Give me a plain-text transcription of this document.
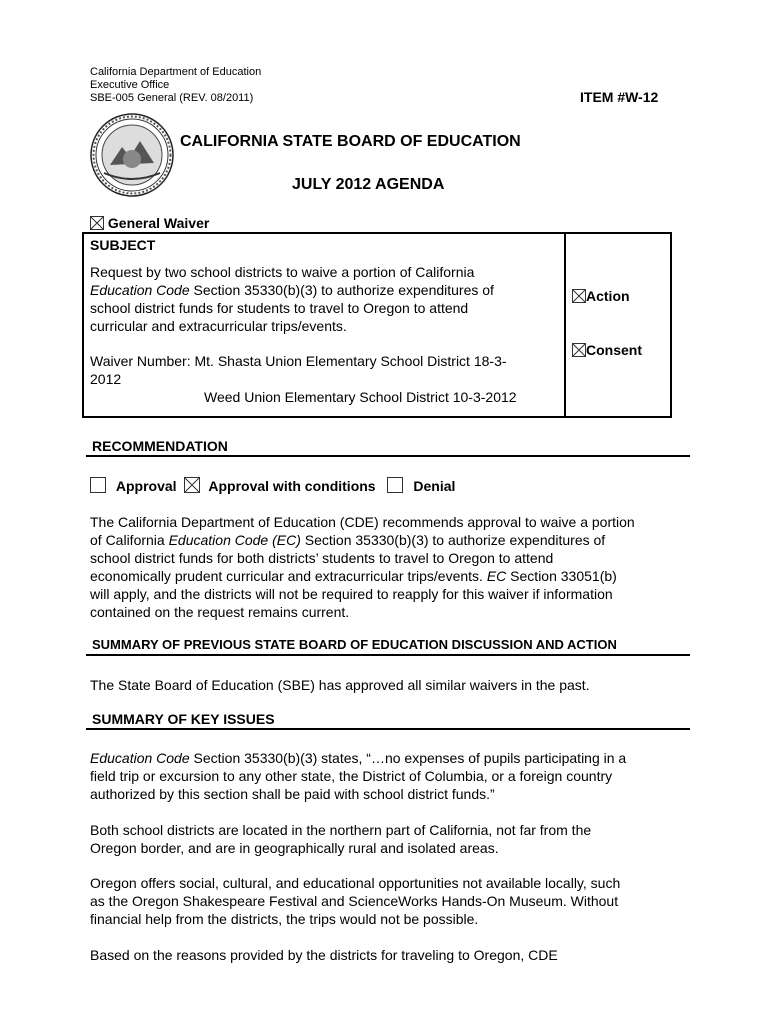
California Department of Education
Executive Office
SBE-005 General (REV. 08/2011)	ITEM #W-12
CALIFORNIA STATE BOARD OF EDUCATION
JULY 2012 AGENDA
General Waiver
SUBJECT
Request by two school districts to waive a portion of California
Education Code Section 35330(b)(3) to authorize expenditures of
school district funds for students to travel to Oregon to attend
curricular and extracurricular trips/events.
Waiver Number: Mt. Shasta Union Elementary School District 18-3-
2012
Weed Union Elementary School District 10-3-2012
Action
Consent
RECOMMENDATION
Approval Approval with conditions	Denial
The California Department of Education (CDE) recommends approval to waive a portion
of California Education Code (EC) Section 35330(b)(3) to authorize expenditures of
school district funds for both districts’ students to travel to Oregon to attend
economically prudent curricular and extracurricular trips/events. EC Section 33051(b)
will apply, and the districts will not be required to reapply for this waiver if information
contained on the request remains current.
SUMMARY OF PREVIOUS STATE BOARD OF EDUCATION DISCUSSION AND ACTION
The State Board of Education (SBE) has approved all similar waivers in the past.
SUMMARY OF KEY ISSUES
Education Code Section 35330(b)(3) states, “…no expenses of pupils participating in a
field trip or excursion to any other state, the District of Columbia, or a foreign country
authorized by this section shall be paid with school district funds.”
Both school districts are located in the northern part of California, not far from the
Oregon border, and are in geographically rural and isolated areas.
Oregon offers social, cultural, and educational opportunities not available locally, such
as the Oregon Shakespeare Festival and ScienceWorks Hands-On Museum. Without
financial help from the districts, the trips would not be possible.
Based on the reasons provided by the districts for traveling to Oregon, CDE
